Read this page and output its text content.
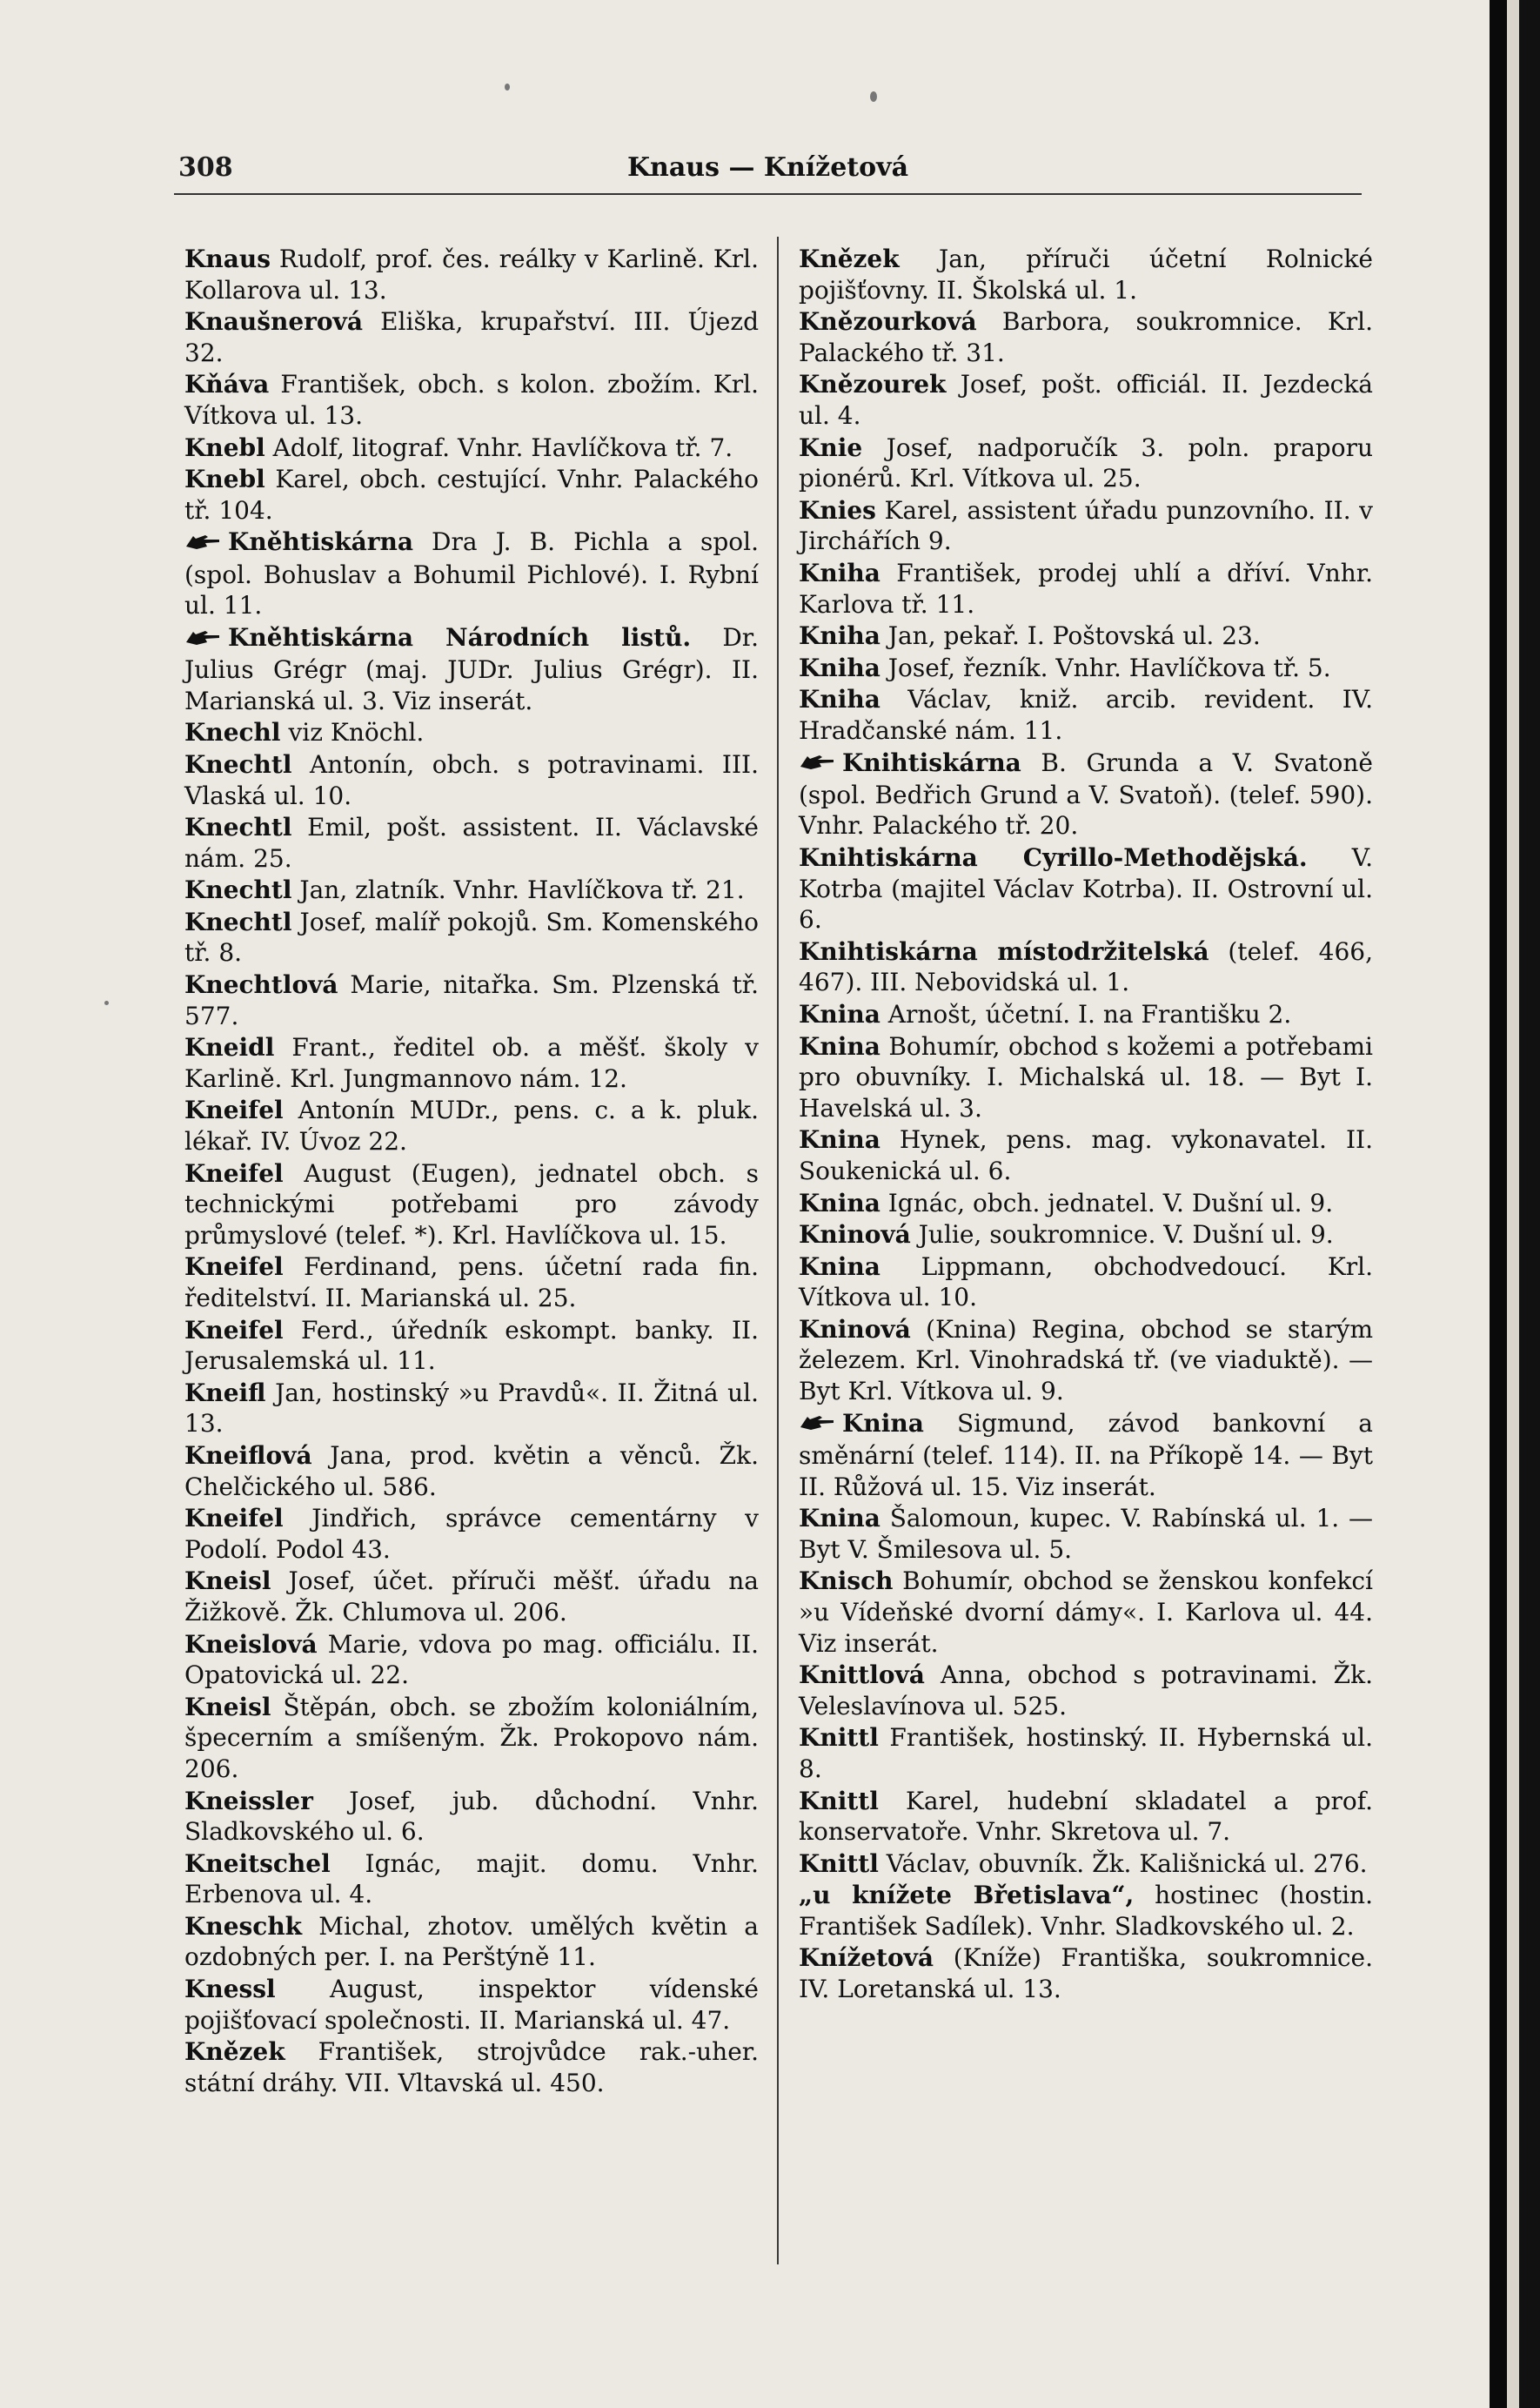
308	Knaus — Knížetová

Knaus Rudolf, prof. čes. reálky v Karlině. Krl. Kollarova ul. 13.

Knaušnerová Eliška, krupařství. III. Újezd 32.

Kňáva František, obch. s kolon. zbožím. Krl. Vítkova ul. 13.

Knebl Adolf, litograf. Vnhr. Havlíčkova tř. 7.

Knebl Karel, obch. cestující. Vnhr. Palackého tř. 104.

Kněhtiskárna Dra J. B. Pichla a spol. (spol. Bohuslav a Bohumil Pichlové). I. Rybní ul. 11.

Kněhtiskárna Národních listů. Dr. Julius Grégr (maj. JUDr. Julius Grégr). II. Marianská ul. 3. Viz inserát.

Knechl viz Knöchl.

Knechtl Antonín, obch. s potravinami. III. Vlaská ul. 10.

Knechtl Emil, pošt. assistent. II. Václavské nám. 25.

Knechtl Jan, zlatník. Vnhr. Havlíčkova tř. 21.

Knechtl Josef, malíř pokojů. Sm. Komenského tř. 8.

Knechtlová Marie, nitařka. Sm. Plzenská tř. 577.

Kneidl Frant., ředitel ob. a měšť. školy v Karlině. Krl. Jungmannovo nám. 12.

Kneifel Antonín MUDr., pens. c. a k. pluk. lékař. IV. Úvoz 22.

Kneifel August (Eugen), jednatel obch. s technickými potřebami pro závody průmyslové (telef. *). Krl. Havlíčkova ul. 15.

Kneifel Ferdinand, pens. účetní rada fin. ředitelství. II. Marianská ul. 25.

Kneifel Ferd., úředník eskompt. banky. II. Jerusalemská ul. 11.

Kneifl Jan, hostinský »u Pravdů«. II. Žitná ul. 13.

Kneiflová Jana, prod. květin a věnců. Žk. Chelčického ul. 586.

Kneifel Jindřich, správce cementárny v Podolí. Podol 43.

Kneisl Josef, účet. příruči měšť. úřadu na Žižkově. Žk. Chlumova ul. 206.

Kneislová Marie, vdova po mag. officiálu. II. Opatovická ul. 22.

Kneisl Štěpán, obch. se zbožím koloniálním, špecerním a smíšeným. Žk. Prokopovo nám. 206.

Kneissler Josef, jub. důchodní. Vnhr. Sladkovského ul. 6.

Kneitschel Ignác, majit. domu. Vnhr. Erbenova ul. 4.

Kneschk Michal, zhotov. umělých květin a ozdobných per. I. na Perštýně 11.

Knessl August, inspektor vídenské pojišťovací společnosti. II. Marianská ul. 47.

Knězek František, strojvůdce rak.-uher. státní dráhy. VII. Vltavská ul. 450.

Knězek Jan, příruči účetní Rolnické pojišťovny. II. Školská ul. 1.

Knězourková Barbora, soukromnice. Krl. Palackého tř. 31.

Knězourek Josef, pošt. officiál. II. Jezdecká ul. 4.

Knie Josef, nadporučík 3. poln. praporu pionérů. Krl. Vítkova ul. 25.

Knies Karel, assistent úřadu punzovního. II. v Jirchářích 9.

Kniha František, prodej uhlí a dříví. Vnhr. Karlova tř. 11.

Kniha Jan, pekař. I. Poštovská ul. 23.

Kniha Josef, řezník. Vnhr. Havlíčkova tř. 5.

Kniha Václav, kniž. arcib. revident. IV. Hradčanské nám. 11.

Knihtiskárna B. Grunda a V. Svatoně (spol. Bedřich Grund a V. Svatoň). (telef. 590). Vnhr. Palackého tř. 20.

Knihtiskárna Cyrillo-Methodějská. V. Kotrba (majitel Václav Kotrba). II. Ostrovní ul. 6.

Knihtiskárna místodržitelská (telef. 466, 467). III. Nebovidská ul. 1.

Knina Arnošt, účetní. I. na Františku 2.

Knina Bohumír, obchod s kožemi a potřebami pro obuvníky. I. Michalská ul. 18. — Byt I. Havelská ul. 3.

Knina Hynek, pens. mag. vykonavatel. II. Soukenická ul. 6.

Knina Ignác, obch. jednatel. V. Dušní ul. 9.

Kninová Julie, soukromnice. V. Dušní ul. 9.

Knina Lippmann, obchodvedoucí. Krl. Vítkova ul. 10.

Kninová (Knina) Regina, obchod se starým železem. Krl. Vinohradská tř. (ve viaduktě). — Byt Krl. Vítkova ul. 9.

Knina Sigmund, závod bankovní a směnární (telef. 114). II. na Příkopě 14. — Byt II. Růžová ul. 15. Viz inserát.

Knina Šalomoun, kupec. V. Rabínská ul. 1. — Byt V. Šmilesova ul. 5.

Knisch Bohumír, obchod se ženskou konfekcí »u Vídeňské dvorní dámy«. I. Karlova ul. 44. Viz inserát.

Knittlová Anna, obchod s potravinami. Žk. Veleslavínova ul. 525.

Knittl František, hostinský. II. Hybernská ul. 8.

Knittl Karel, hudební skladatel a prof. konservatoře. Vnhr. Skretova ul. 7.

Knittl Václav, obuvník. Žk. Kališnická ul. 276.

„u knížete Břetislava“, hostinec (hostin. František Sadílek). Vnhr. Sladkovského ul. 2.

Knížetová (Kníže) Františka, soukromnice. IV. Loretanská ul. 13.
